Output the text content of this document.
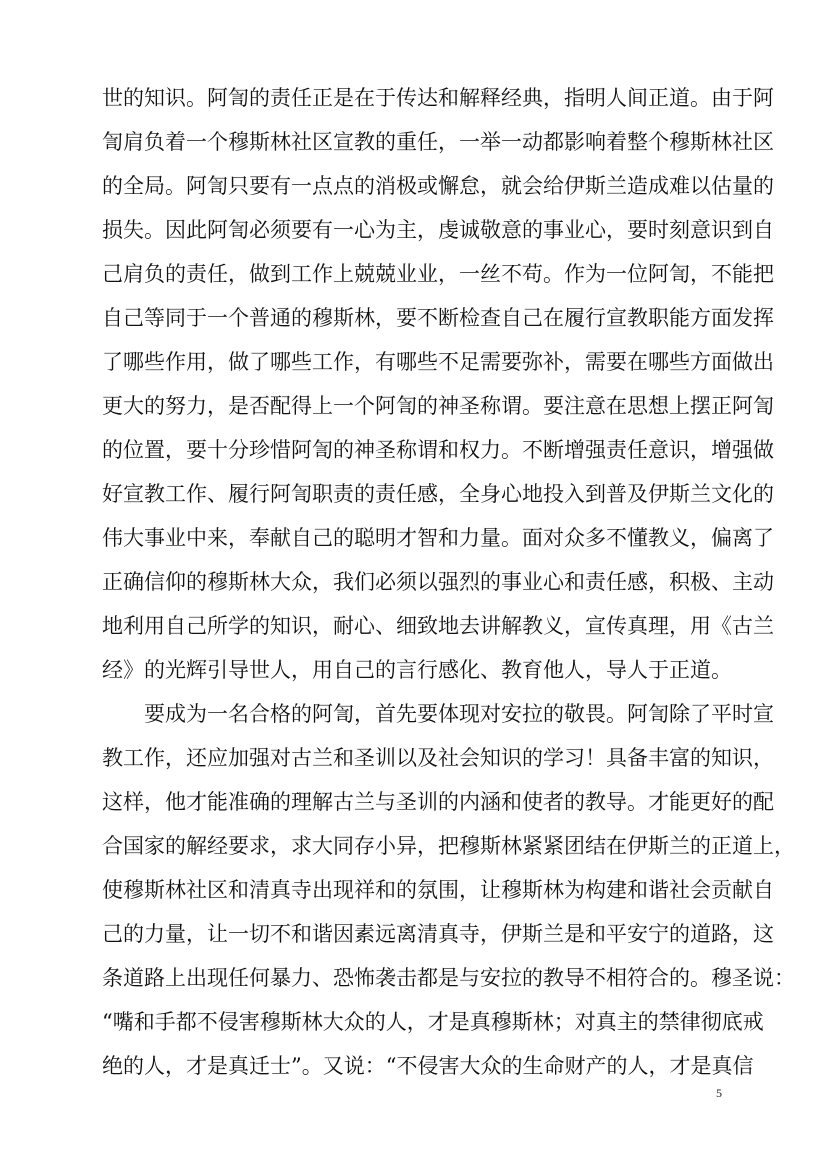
世的知识。阿訇的责任正是在于传达和解释经典，指明人间正道。由于阿
訇肩负着一个穆斯林社区宣教的重任，一举一动都影响着整个穆斯林社区
的全局。阿訇只要有一点点的消极或懈怠，就会给伊斯兰造成难以估量的
损失。因此阿訇必须要有一心为主，虔诚敬意的事业心，要时刻意识到自
己肩负的责任，做到工作上兢兢业业，一丝不苟。作为一位阿訇，不能把
自己等同于一个普通的穆斯林，要不断检查自己在履行宣教职能方面发挥
了哪些作用，做了哪些工作，有哪些不足需要弥补，需要在哪些方面做出
更大的努力，是否配得上一个阿訇的神圣称谓。要注意在思想上摆正阿訇
的位置，要十分珍惜阿訇的神圣称谓和权力。不断增强责任意识，增强做
好宣教工作、履行阿訇职责的责任感，全身心地投入到普及伊斯兰文化的
伟大事业中来，奉献自己的聪明才智和力量。面对众多不懂教义，偏离了
正确信仰的穆斯林大众，我们必须以强烈的事业心和责任感，积极、主动
地利用自己所学的知识，耐心、细致地去讲解教义，宣传真理，用《古兰
经》的光辉引导世人，用自己的言行感化、教育他人，导人于正道。
要成为一名合格的阿訇，首先要体现对安拉的敬畏。阿訇除了平时宣
教工作，还应加强对古兰和圣训以及社会知识的学习！具备丰富的知识，
这样，他才能准确的理解古兰与圣训的内涵和使者的教导。才能更好的配
合国家的解经要求，求大同存小异，把穆斯林紧紧团结在伊斯兰的正道上，
使穆斯林社区和清真寺出现祥和的氛围，让穆斯林为构建和谐社会贡献自
己的力量，让一切不和谐因素远离清真寺，伊斯兰是和平安宁的道路，这
条道路上出现任何暴力、恐怖袭击都是与安拉的教导不相符合的。穆圣说：
“嘴和手都不侵害穆斯林大众的人，才是真穆斯林；对真主的禁律彻底戒
绝的人，才是真迁士”。又说：“不侵害大众的生命财产的人，才是真信
5
